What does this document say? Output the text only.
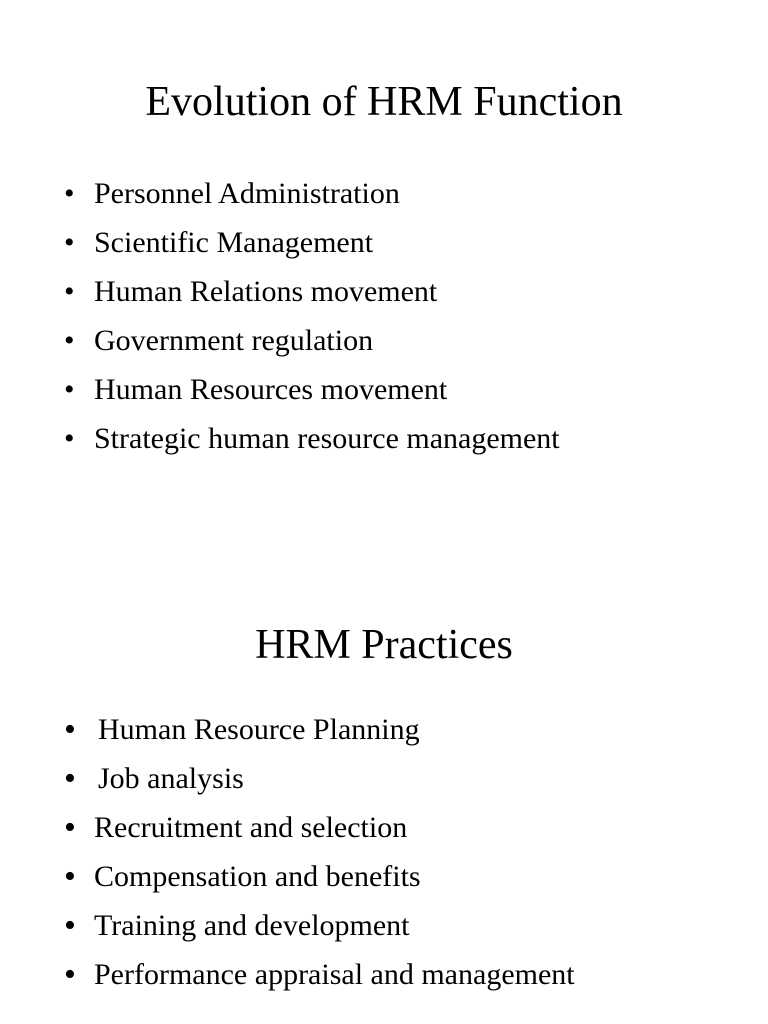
Evolution of HRM Function
• Personnel Administration
• Scientific Management
• Human Relations movement
• Government regulation
• Human Resources movement
• Strategic human resource management
HRM Practices
• Human Resource Planning
• Job analysis
• Recruitment and selection
• Compensation and benefits
• Training and development
• Performance appraisal and management
